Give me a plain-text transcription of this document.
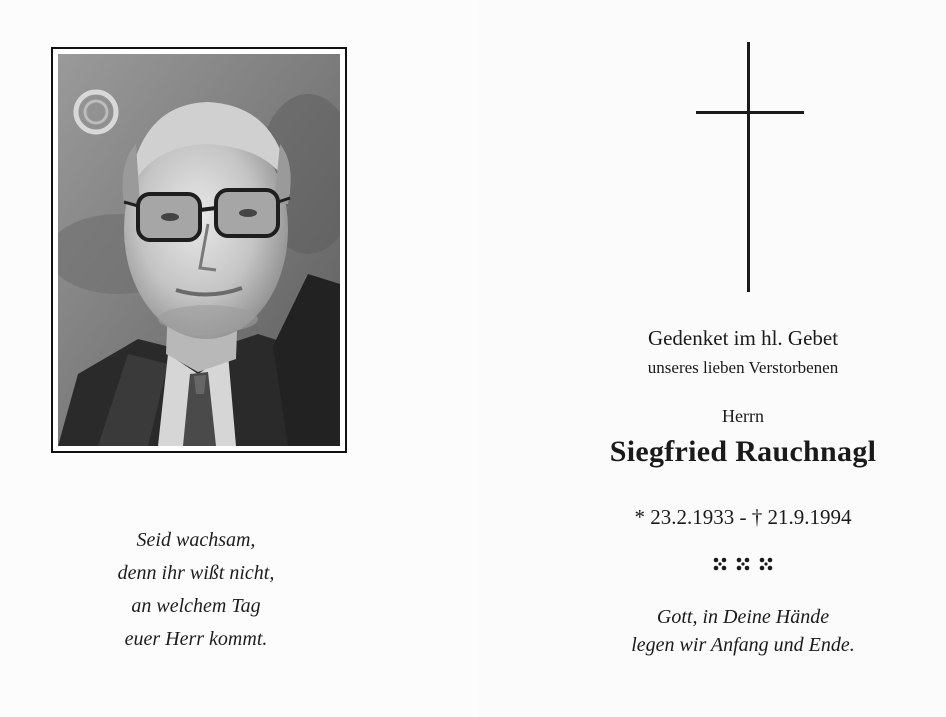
Seid wachsam,
denn ihr wißt nicht,
an welchem Tag
euer Herr kommt.
Gedenket im hl. Gebet
unseres lieben Verstorbenen
Herrn
Siegfried Rauchnagl
* 23.2.1933 - † 21.9.1994
Gott, in Deine Hände
legen wir Anfang und Ende.
